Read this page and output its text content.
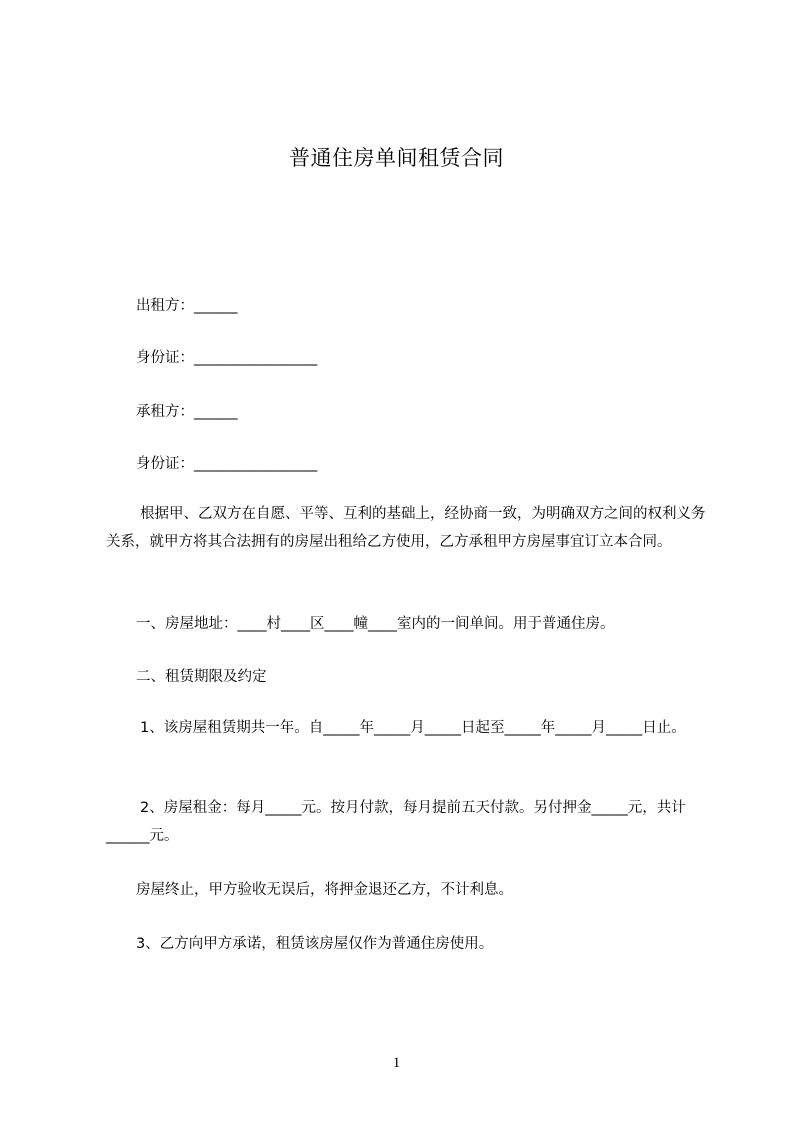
普通住房单间租赁合同
出租方：______
身份证：_________________
承租方：______
身份证：_________________
根据甲、乙双方在自愿、平等、互利的基础上，经协商一致，为明确双方之间的权利义务关系，就甲方将其合法拥有的房屋出租给乙方使用，乙方承租甲方房屋事宜订立本合同。
一、房屋地址：____村____区____幢____室内的一间单间。用于普通住房。
二、租赁期限及约定
1、该房屋租赁期共一年。自_____年_____月_____日起至_____年_____月_____日止。
2、房屋租金：每月_____元。按月付款，每月提前五天付款。另付押金_____元，共计______元。
房屋终止，甲方验收无误后，将押金退还乙方，不计利息。
3、乙方向甲方承诺，租赁该房屋仅作为普通住房使用。
1
